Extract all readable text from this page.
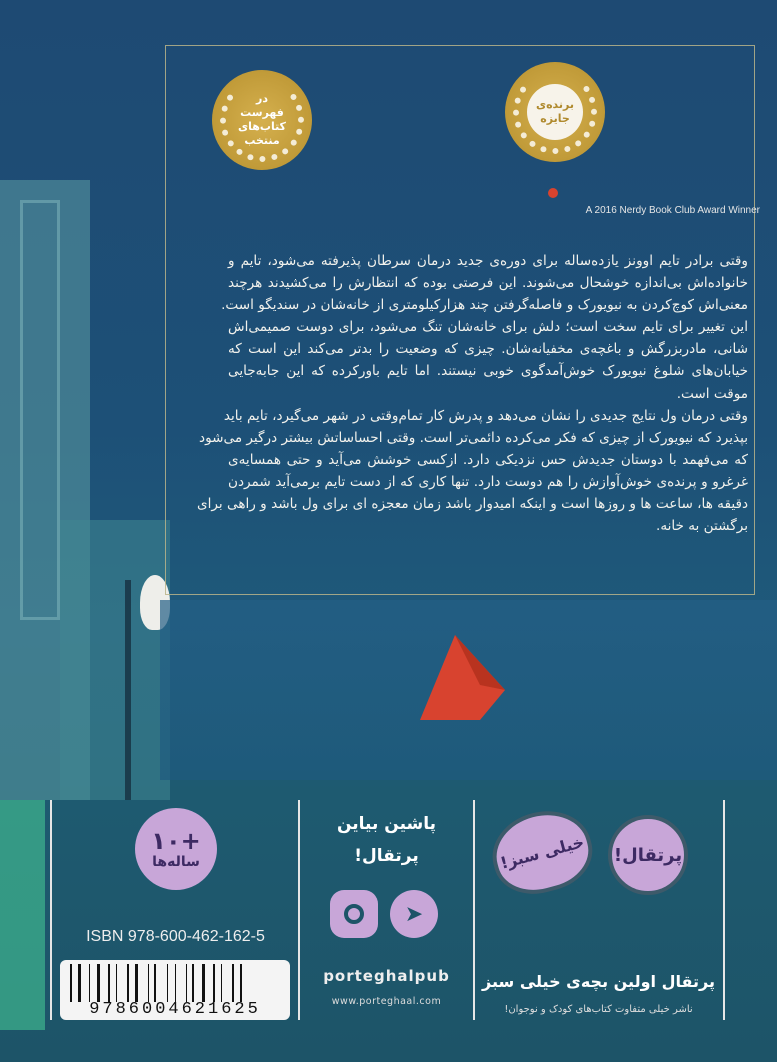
در فهرست
کتاب‌های
منتخب
برنده‌ی
جایزه
A 2016 Nerdy Book Club Award Winner
وقتی برادر تایم اوونز یازده‌ساله برای دوره‌ی جدید درمان سرطان پذیرفته می‌شود، تایم و
خانواده‌اش بی‌اندازه خوشحال می‌شوند. این فرصتی بوده که انتظارش را می‌کشیدند هرچند
معنی‌اش کوچ‌کردن به نیویورک و فاصله‌گرفتن چند هزارکیلومتری از خانه‌شان در سندیگو است.
این تغییر برای تایم سخت است؛ دلش برای خانه‌شان تنگ می‌شود، برای دوست صمیمی‌اش
شانی، مادربزرگش و باغچه‌ی مخفیانه‌شان. چیزی که وضعیت را بدتر می‌کند این است که
خیابان‌های شلوغ نیویورک خوش‌آمدگوی خوبی نیستند. اما تایم باورکرده که این جابه‌جایی
موقت است.
وقتی درمان ول نتایج جدیدی را نشان می‌دهد و پدرش کار تمام‌وقتی در شهر می‌گیرد، تایم باید
بپذیرد که نیویورک از چیزی که فکر می‌کرده دائمی‌تر است. وقتی احساساتش بیشتر درگیر می‌شود
که می‌فهمد با دوستان جدیدش حس نزدیکی دارد. ازکسی خوشش می‌آید و حتی همسایه‌ی
غرغرو و پرنده‌ی خوش‌آوازش را هم دوست دارد. تنها کاری که از دست تایم برمی‌آید شمردن
دقیقه ها، ساعت ها و روزها است و اینکه امیدوار باشد زمان معجزه ای برای ول باشد و راهی برای
برگشتن به خانه.
+۱۰
ساله‌ها
ISBN 978-600-462-162-5
9786004621625
پاشین بیاین
پرتقال!
➤
porteghalpub
www.porteghaal.com
پرتقال!
خیلی سبز!
پرتقال اولین بچه‌ی خیلی سبز
ناشر خیلی متفاوت کتاب‌های کودک و نوجوان!
